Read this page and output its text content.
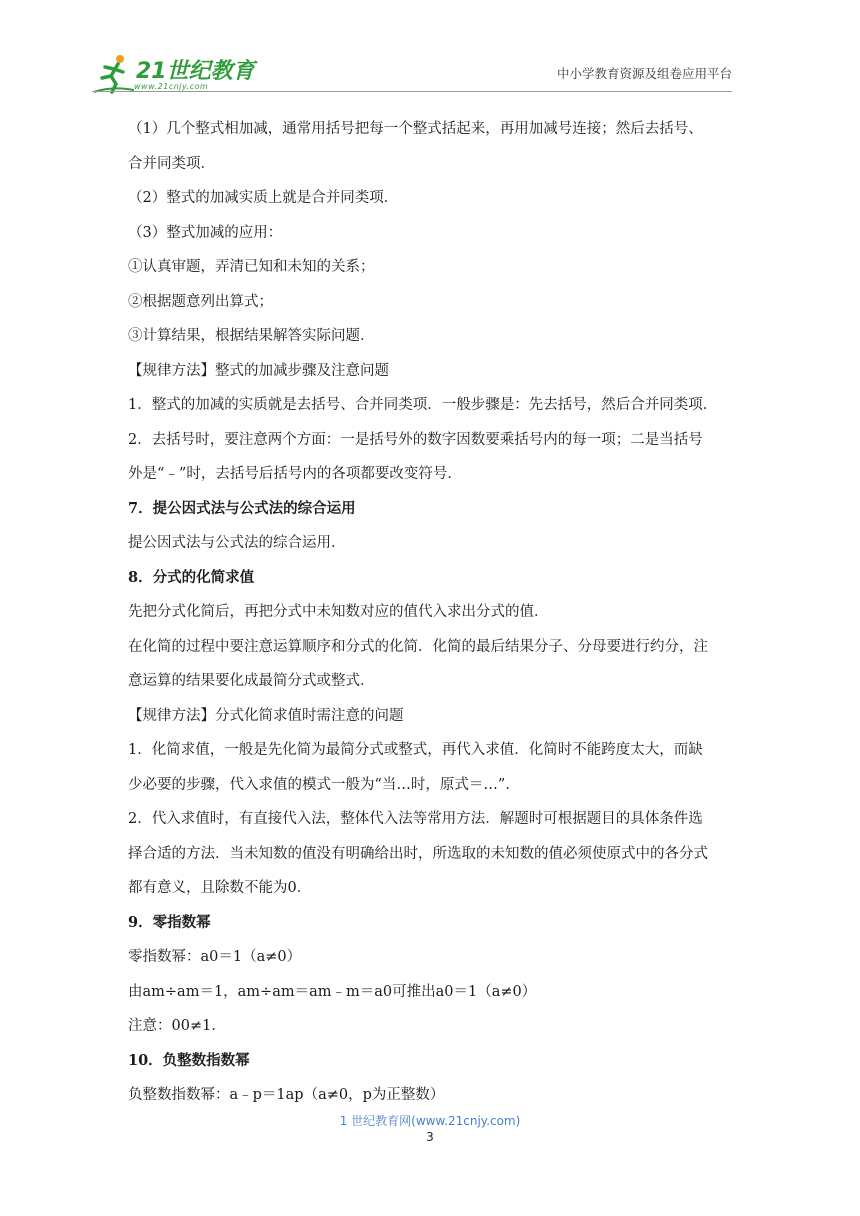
21世纪教育
www.21cnjy.com
中小学教育资源及组卷应用平台
（1）几个整式相加减，通常用括号把每一个整式括起来，再用加减号连接；然后去括号、
合并同类项．
（2）整式的加减实质上就是合并同类项．
（3）整式加减的应用：
①认真审题，弄清已知和未知的关系；
②根据题意列出算式；
③计算结果，根据结果解答实际问题．
【规律方法】整式的加减步骤及注意问题
1．整式的加减的实质就是去括号、合并同类项．一般步骤是：先去括号，然后合并同类项．
2．去括号时，要注意两个方面：一是括号外的数字因数要乘括号内的每一项；二是当括号
外是“﹣”时，去括号后括号内的各项都要改变符号．
7．提公因式法与公式法的综合运用
提公因式法与公式法的综合运用．
8．分式的化简求值
先把分式化简后，再把分式中未知数对应的值代入求出分式的值．
在化简的过程中要注意运算顺序和分式的化简．化简的最后结果分子、分母要进行约分，注
意运算的结果要化成最简分式或整式．
【规律方法】分式化简求值时需注意的问题
1．化简求值，一般是先化简为最简分式或整式，再代入求值．化简时不能跨度太大，而缺
少必要的步骤，代入求值的模式一般为“当…时，原式＝…”．
2．代入求值时，有直接代入法，整体代入法等常用方法．解题时可根据题目的具体条件选
择合适的方法．当未知数的值没有明确给出时，所选取的未知数的值必须使原式中的各分式
都有意义，且除数不能为0．
9．零指数幂
零指数幂：a0＝1（a≠0）
由am÷am＝1，am÷am＝am﹣m＝a0可推出a0＝1（a≠0）
注意：00≠1．
10．负整数指数幂
负整数指数幂：a﹣p＝1ap（a≠0，p为正整数）
1 世纪教育网(www.21cnjy.com)
3
